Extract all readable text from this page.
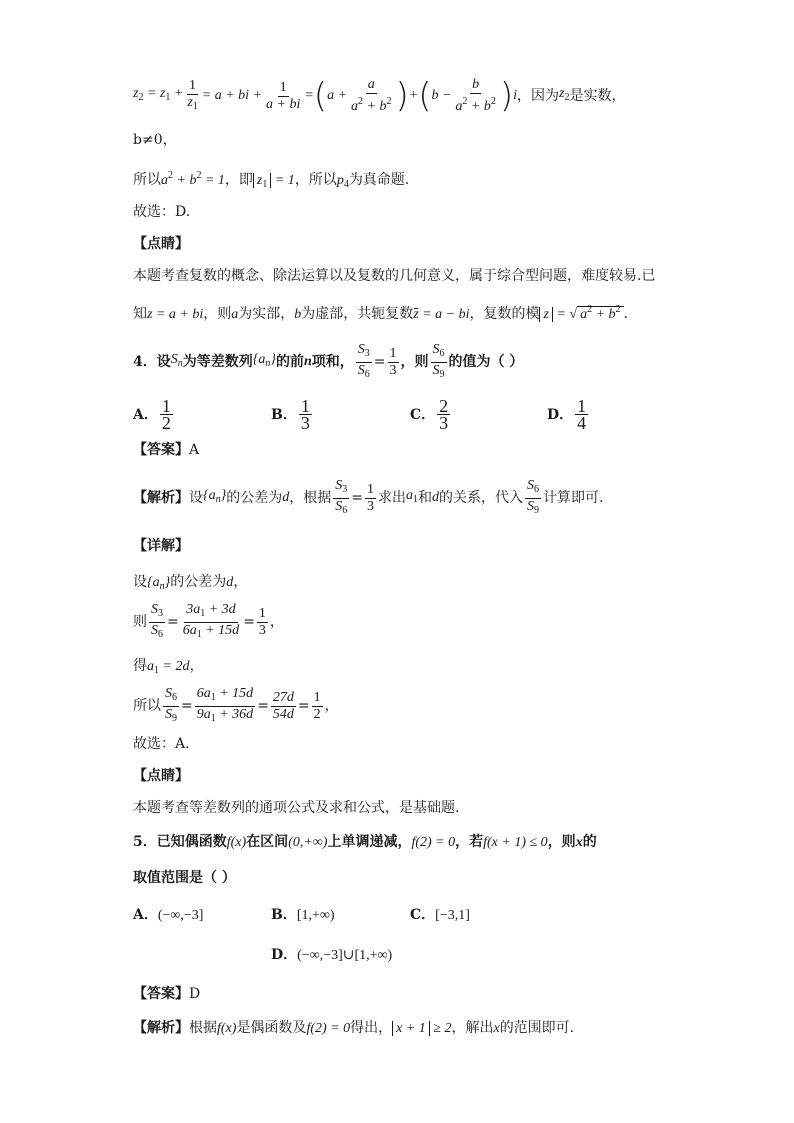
$z_2 = z_1 + \frac{1}{z_1} = a$ + bi + $\frac{1}{a + bi}$ = ( $a + \frac{a}{a^2 + b^2}$ ) + ( $b - \frac{b}{a^2 + b^2}$ ) i ，因为 $z_2$ 是实数，
b≠0，
所以$a^2 + b^2 = 1$，即 $z_1 = 1$，所以$p_4$为真命题.
故选：D.
【点睛】
本题考查复数的概念、除法运算以及复数的几何意义，属于综合型问题，难度较易.已
知z = a + bi，则a为实部，b为虚部，共轭复数z = a − bi，复数的模 z = √ $a^2 + b^2$ .
4．设 $S_n$ 为等差数列 $\{a_n\}$ 的前 n 项和， $\frac{S_3}{S_6} = \frac{1}{3}$ ，则 $\frac{S_6}{S_9}$ 的值为（ ）
A． $\frac{1}{2}$	B． $\frac{1}{3}$	C． $\frac{2}{3}$	D． $\frac{1}{4}$
【答案】A
【解析】 设 $\{a_n\}$ 的公差为 d ，根据 $\frac{S_3}{S_6} = \frac{1}{3}$ 求出 $a_1$ 和 d 的关系，代入 $\frac{S_6}{S_9}$ 计算即可.
【详解】
设$\{a_n\}$的公差为d，
则 $\frac{S_3}{S_6} = \frac{3a_1 + 3d}{6a_1 + 15d} = \frac{1}{3}$ ，
得$a_1 = 2d$，
所以 $\frac{S_6}{S_9} = \frac{6a_1 + 15d}{9a_1 + 36d} = \frac{27d}{54d} = \frac{1}{2}$ ，
故选：A.
【点睛】
本题考查等差数列的通项公式及求和公式，是基础题.
5．已知偶函数f(x)在区间(0,+∞)上单调递减，f(2) = 0，若f(x + 1) ≤ 0，则x的
取值范围是（ ）
A．(−∞,−3]	B．[1,+∞)	C．[−3,1]
D．(−∞,−3]∪[1,+∞)
【答案】D
【解析】根据f(x)是偶函数及f(2) = 0得出， x + 1 ≥ 2，解出x的范围即可.
